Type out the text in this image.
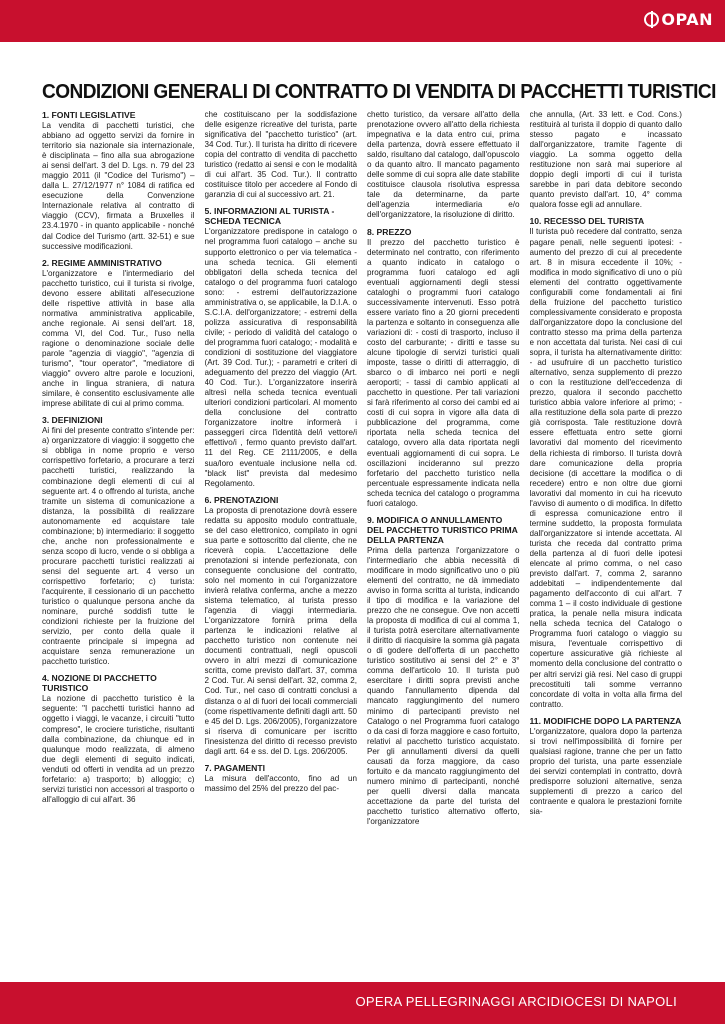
OPAN
CONDIZIONI GENERALI DI CONTRATTO DI VENDITA DI PACCHETTI TURISTICI
1. FONTI LEGISLATIVE

La vendita di pacchetti turistici, che abbiano ad oggetto servizi da fornire in territorio sia nazionale sia internazionale, è disciplinata – fino alla sua abrogazione ai sensi dell'art. 3 del D. Lgs. n. 79 del 23 maggio 2011 (il "Codice del Turismo") – dalla L. 27/12/1977 n° 1084 di ratifica ed esecuzione della Convenzione Internazionale relativa al contratto di viaggio (CCV), firmata a Bruxelles il 23.4.1970 - in quanto applicabile - nonché dal Codice del Turismo (artt. 32-51) e sue successive modificazioni.

2. REGIME AMMINISTRATIVO

L'organizzatore e l'intermediario del pacchetto turistico, cui il turista si rivolge, devono essere abilitati all'esecuzione delle rispettive attività in base alla normativa amministrativa applicabile, anche regionale. Ai sensi dell'art. 18, comma VI, del Cod. Tur., l'uso nella ragione o denominazione sociale delle parole "agenzia di viaggio", "agenzia di turismo", "tour operator", "mediatore di viaggio" ovvero altre parole e locuzioni, anche in lingua straniera, di natura similare, è consentito esclusivamente alle imprese abilitate di cui al primo comma.

3. DEFINIZIONI

Ai fini del presente contratto s'intende per: a) organizzatore di viaggio: il soggetto che si obbliga in nome proprio e verso corrispettivo forfetario, a procurare a terzi pacchetti turistici, realizzando la combinazione degli elementi di cui al seguente art. 4 o offrendo al turista, anche tramite un sistema di comunicazione a distanza, la possibilità di realizzare autonomamente ed acquistare tale combinazione; b) intermediario: il soggetto che, anche non professionalmente e senza scopo di lucro, vende o si obbliga a procurare pacchetti turistici realizzati ai sensi del seguente art. 4 verso un corrispettivo forfetario; c) turista: l'acquirente, il cessionario di un pacchetto turistico o qualunque persona anche da nominare, purché soddisfi tutte le condizioni richieste per la fruizione del servizio, per conto della quale il contraente principale si impegna ad acquistare senza remunerazione un pacchetto turistico.

4. NOZIONE DI PACCHETTO TURISTICO

La nozione di pacchetto turistico è la seguente: "I pacchetti turistici hanno ad oggetto i viaggi, le vacanze, i circuiti "tutto compreso", le crociere turistiche, risultanti dalla combinazione, da chiunque ed in qualunque modo realizzata, di almeno due degli elementi di seguito indicati, venduti od offerti in vendita ad un prezzo forfetario: a) trasporto; b) alloggio; c) servizi turistici non accessori al trasporto o all'alloggio di cui all'art. 36

che costituiscano per la soddisfazione delle esigenze ricreative del turista, parte significativa del "pacchetto turistico" (art. 34 Cod. Tur.). Il turista ha diritto di ricevere copia del contratto di vendita di pacchetto turistico (redatto ai sensi e con le modalità di cui all'art. 35 Cod. Tur.). Il contratto costituisce titolo per accedere al Fondo di garanzia di cui al successivo art. 21.

5. INFORMAZIONI AL TURISTA - SCHEDA TECNICA

L'organizzatore predispone in catalogo o nel programma fuori catalogo – anche su supporto elettronico o per via telematica - una scheda tecnica. Gli elementi obbligatori della scheda tecnica del catalogo o del programma fuori catalogo sono: - estremi dell'autorizzazione amministrativa o, se applicabile, la D.I.A. o S.C.I.A. dell'organizzatore; - estremi della polizza assicurativa di responsabilità civile; - periodo di validità del catalogo o del programma fuori catalogo; - modalità e condizioni di sostituzione del viaggiatore (Art. 39 Cod. Tur.); - parametri e criteri di adeguamento del prezzo del viaggio (Art. 40 Cod. Tur.). L'organizzatore inserirà altresì nella scheda tecnica eventuali ulteriori condizioni particolari. Al momento della conclusione del contratto l'organizzatore inoltre informerà i passeggeri circa l'identità del/i vettore/i effettivo/i , fermo quanto previsto dall'art. 11 del Reg. CE 2111/2005, e della sua/loro eventuale inclusione nella cd. "black list" prevista dal medesimo Regolamento.

6. PRENOTAZIONI

La proposta di prenotazione dovrà essere redatta su apposito modulo contrattuale, se del caso elettronico, compilato in ogni sua parte e sottoscritto dal cliente, che ne riceverà copia. L'accettazione delle prenotazioni si intende perfezionata, con conseguente conclusione del contratto, solo nel momento in cui l'organizzatore invierà relativa conferma, anche a mezzo sistema telematico, al turista presso l'agenzia di viaggi intermediaria. L'organizzatore fornirà prima della partenza le indicazioni relative al pacchetto turistico non contenute nei documenti contrattuali, negli opuscoli ovvero in altri mezzi di comunicazione scritta, come previsto dall'art. 37, comma 2 Cod. Tur. Ai sensi dell'art. 32, comma 2, Cod. Tur., nel caso di contratti conclusi a distanza o al di fuori dei locali commerciali (come rispettivamente definiti dagli artt. 50 e 45 del D. Lgs. 206/2005), l'organizzatore si riserva di comunicare per iscritto l'inesistenza del diritto di recesso previsto dagli artt. 64 e ss. del D. Lgs. 206/2005.

7. PAGAMENTI

La misura dell'acconto, fino ad un massimo del 25% del prezzo del pac-

chetto turistico, da versare all'atto della prenotazione ovvero all'atto della richiesta impegnativa e la data entro cui, prima della partenza, dovrà essere effettuato il saldo, risultano dal catalogo, dall'opuscolo o da quanto altro. Il mancato pagamento delle somme di cui sopra alle date stabilite costituisce clausola risolutiva espressa tale da determinarne, da parte dell'agenzia intermediaria e/o dell'organizzatore, la risoluzione di diritto.

8. PREZZO

Il prezzo del pacchetto turistico è determinato nel contratto, con riferimento a quanto indicato in catalogo o programma fuori catalogo ed agli eventuali aggiornamenti degli stessi cataloghi o programmi fuori catalogo successivamente intervenuti. Esso potrà essere variato fino a 20 giorni precedenti la partenza e soltanto in conseguenza alle variazioni di: - costi di trasporto, incluso il costo del carburante; - diritti e tasse su alcune tipologie di servizi turistici quali imposte, tasse o diritti di atterraggio, di sbarco o di imbarco nei porti e negli aeroporti; - tassi di cambio applicati al pacchetto in questione. Per tali variazioni si farà riferimento al corso dei cambi ed ai costi di cui sopra in vigore alla data di pubblicazione del programma, come riportata nella scheda tecnica del catalogo, ovvero alla data riportata negli eventuali aggiornamenti di cui sopra. Le oscillazioni incideranno sul prezzo forfetario del pacchetto turistico nella percentuale espressamente indicata nella scheda tecnica del catalogo o programma fuori catalogo.

9. MODIFICA O ANNULLAMENTO DEL PACCHETTO TURISTICO PRIMA DELLA PARTENZA

Prima della partenza l'organizzatore o l'intermediario che abbia necessità di modificare in modo significativo uno o più elementi del contratto, ne dà immediato avviso in forma scritta al turista, indicando il tipo di modifica e la variazione del prezzo che ne consegue. Ove non accetti la proposta di modifica di cui al comma 1, il turista potrà esercitare alternativamente il diritto di riacquisire la somma già pagata o di godere dell'offerta di un pacchetto turistico sostitutivo ai sensi del 2° e 3° comma dell'articolo 10. Il turista può esercitare i diritti sopra previsti anche quando l'annullamento dipenda dal mancato raggiungimento del numero minimo di partecipanti previsto nel Catalogo o nel Programma fuori catalogo o da casi di forza maggiore e caso fortuito, relativi al pacchetto turistico acquistato. Per gli annullamenti diversi da quelli causati da forza maggiore, da caso fortuito e da mancato raggiungimento del numero minimo di partecipanti, nonché per quelli diversi dalla mancata accettazione da parte del turista del pacchetto turistico alternativo offerto, l'organizzatore

che annulla, (Art. 33 lett. e Cod. Cons.) restituirà al turista il doppio di quanto dallo stesso pagato e incassato dall'organizzatore, tramite l'agente di viaggio. La somma oggetto della restituzione non sarà mai superiore al doppio degli importi di cui il turista sarebbe in pari data debitore secondo quanto previsto dall'art. 10, 4° comma qualora fosse egli ad annullare.

10. RECESSO DEL TURISTA

Il turista può recedere dal contratto, senza pagare penali, nelle seguenti ipotesi: - aumento del prezzo di cui al precedente art. 8 in misura eccedente il 10%; - modifica in modo significativo di uno o più elementi del contratto oggettivamente configurabili come fondamentali ai fini della fruizione del pacchetto turistico complessivamente considerato e proposta dall'organizzatore dopo la conclusione del contratto stesso ma prima della partenza e non accettata dal turista. Nei casi di cui sopra, il turista ha alternativamente diritto: - ad usufruire di un pacchetto turistico alternativo, senza supplemento di prezzo o con la restituzione dell'eccedenza di prezzo, qualora il secondo pacchetto turistico abbia valore inferiore al primo; - alla restituzione della sola parte di prezzo già corrisposta. Tale restituzione dovrà essere effettuata entro sette giorni lavorativi dal momento del ricevimento della richiesta di rimborso. Il turista dovrà dare comunicazione della propria decisione (di accettare la modifica o di recedere) entro e non oltre due giorni lavorativi dal momento in cui ha ricevuto l'avviso di aumento o di modifica. In difetto di espressa comunicazione entro il termine suddetto, la proposta formulata dall'organizzatore si intende accettata. Al turista che receda dal contratto prima della partenza al di fuori delle ipotesi elencate al primo comma, o nel caso previsto dall'art. 7, comma 2, saranno addebitati – indipendentemente dal pagamento dell'acconto di cui all'art. 7 comma 1 – il costo individuale di gestione pratica, la penale nella misura indicata nella scheda tecnica del Catalogo o Programma fuori catalogo o viaggio su misura, l'eventuale corrispettivo di coperture assicurative già richieste al momento della conclusione del contratto o per altri servizi già resi. Nel caso di gruppi precostituiti tali somme verranno concordate di volta in volta alla firma del contratto.

11. MODIFICHE DOPO LA PARTENZA

L'organizzatore, qualora dopo la partenza si trovi nell'impossibilità di fornire per qualsiasi ragione, tranne che per un fatto proprio del turista, una parte essenziale dei servizi contemplati in contratto, dovrà predisporre soluzioni alternative, senza supplementi di prezzo a carico del contraente e qualora le prestazioni fornite sia-

OPERA PELLEGRINAGGI ARCIDIOCESI DI NAPOLI
